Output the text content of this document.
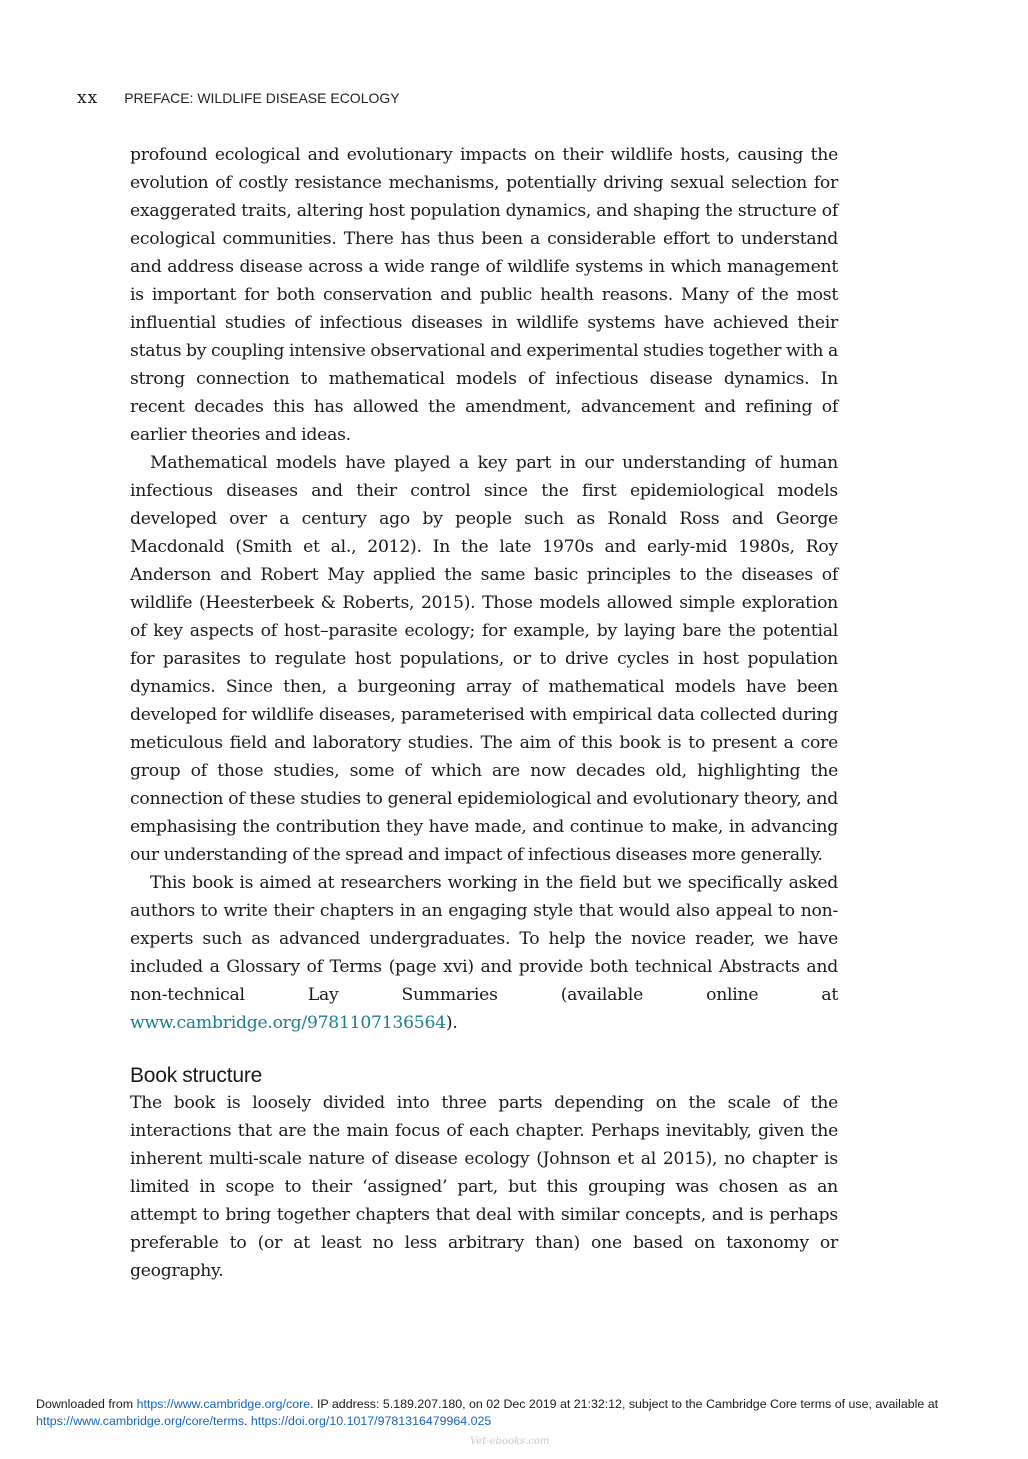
xx PREFACE: WILDLIFE DISEASE ECOLOGY

profound ecological and evolutionary impacts on their wildlife hosts, causing the evolution of costly resistance mechanisms, potentially driving sexual selection for exaggerated traits, altering host population dynamics, and shaping the structure of ecological communities. There has thus been a considerable effort to understand and address disease across a wide range of wildlife systems in which management is important for both conservation and public health reasons. Many of the most influential studies of infectious diseases in wildlife systems have achieved their status by coupling intensive observational and experimental studies together with a strong connection to mathematical models of infectious disease dynamics. In recent decades this has allowed the amendment, advancement and refining of earlier theories and ideas.

Mathematical models have played a key part in our understanding of human infectious diseases and their control since the first epidemiological models developed over a century ago by people such as Ronald Ross and George Macdonald (Smith et al., 2012). In the late 1970s and early-mid 1980s, Roy Anderson and Robert May applied the same basic principles to the diseases of wildlife (Heesterbeek & Roberts, 2015). Those models allowed simple exploration of key aspects of host–parasite ecology; for example, by laying bare the potential for parasites to regulate host populations, or to drive cycles in host population dynamics. Since then, a burgeoning array of mathematical models have been developed for wildlife diseases, parameterised with empirical data collected during meticulous field and laboratory studies. The aim of this book is to present a core group of those studies, some of which are now decades old, highlighting the connection of these studies to general epidemiological and evolutionary theory, and emphasising the contribution they have made, and continue to make, in advancing our understanding of the spread and impact of infectious diseases more generally.

This book is aimed at researchers working in the field but we specifically asked authors to write their chapters in an engaging style that would also appeal to non-experts such as advanced undergraduates. To help the novice reader, we have included a Glossary of Terms (page xvi) and provide both technical Abstracts and non-technical Lay Summaries (available online at www.cambridge.org/9781107136564).

Book structure

The book is loosely divided into three parts depending on the scale of the interactions that are the main focus of each chapter. Perhaps inevitably, given the inherent multi-scale nature of disease ecology (Johnson et al 2015), no chapter is limited in scope to their ‘assigned’ part, but this grouping was chosen as an attempt to bring together chapters that deal with similar concepts, and is perhaps preferable to (or at least no less arbitrary than) one based on taxonomy or geography.

Downloaded from https://www.cambridge.org/core. IP address: 5.189.207.180, on 02 Dec 2019 at 21:32:12, subject to the Cambridge Core terms of use, available at
https://www.cambridge.org/core/terms. https://doi.org/10.1017/9781316479964.025
Vet-ebooks.com
